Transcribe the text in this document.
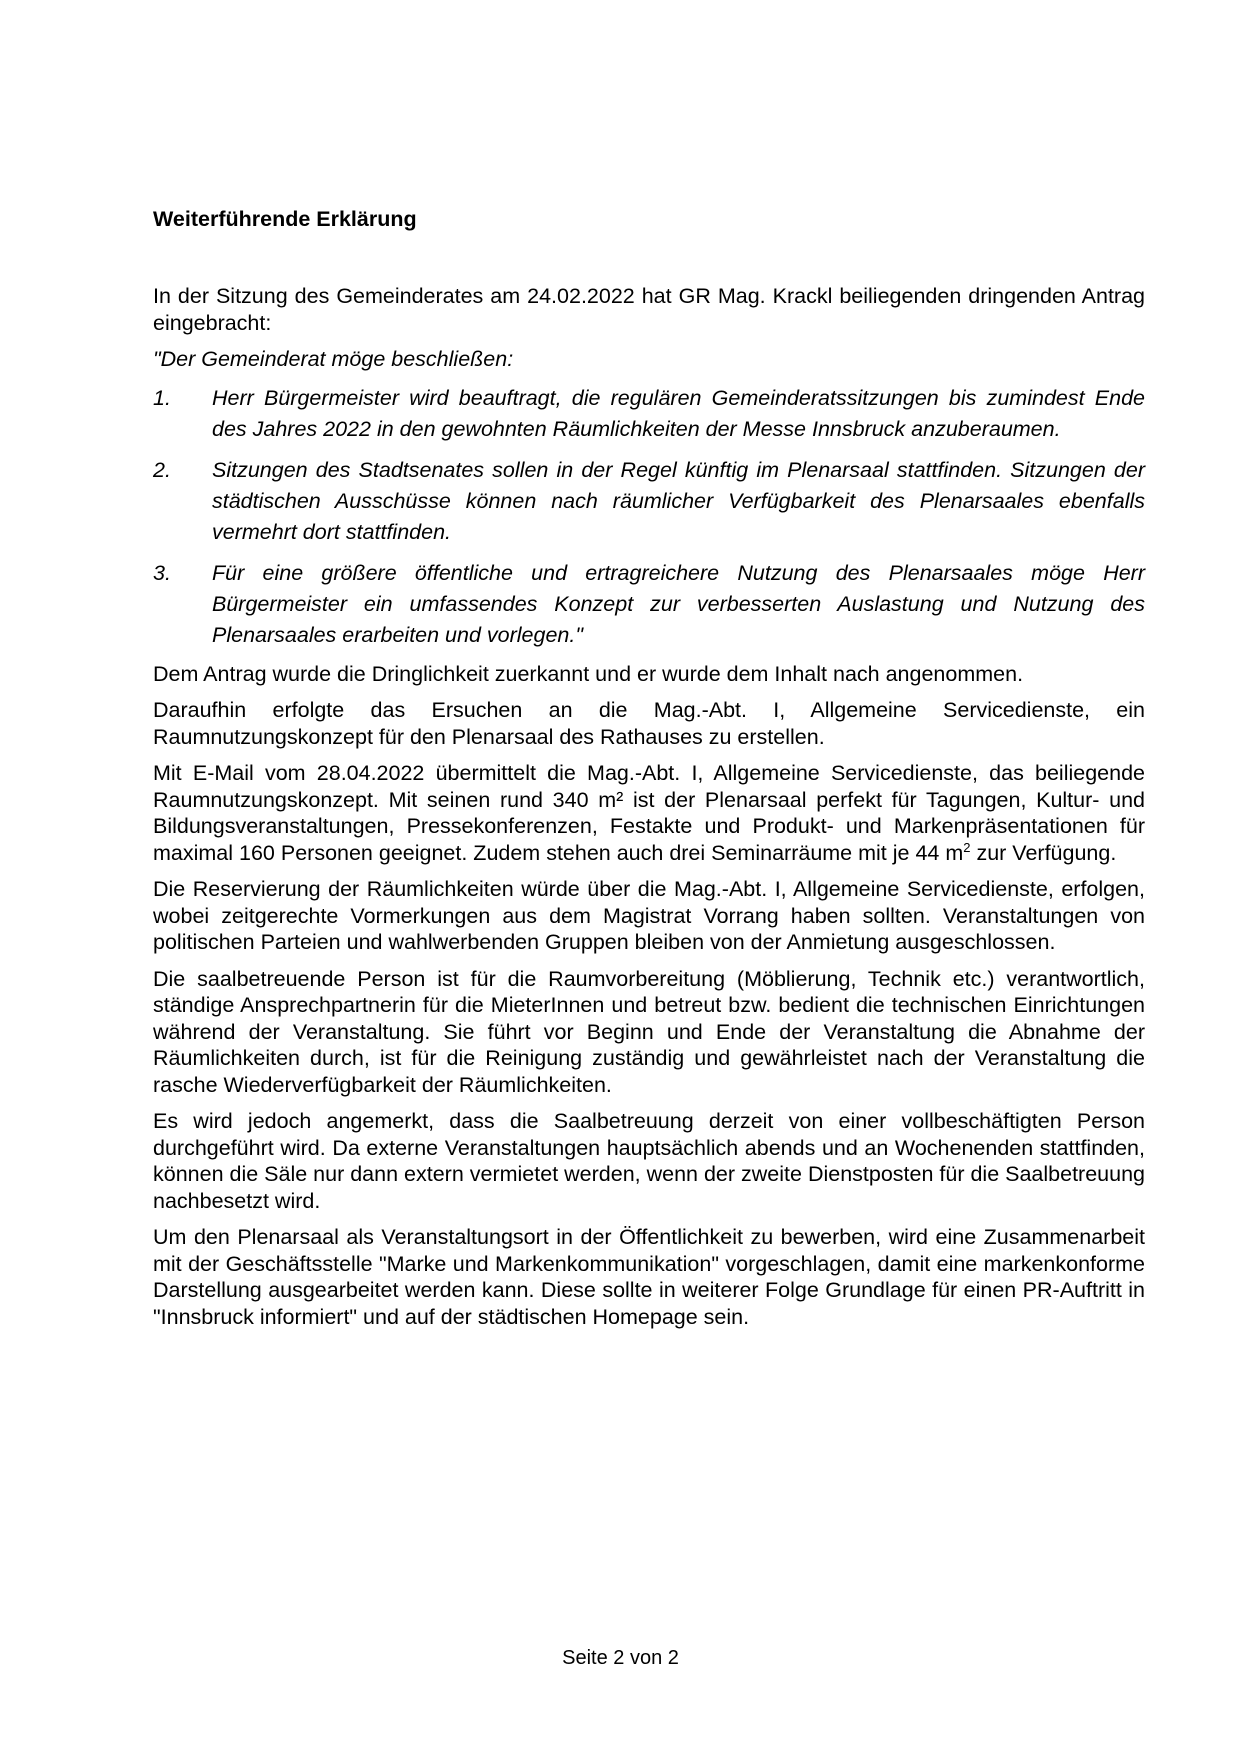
Weiterführende Erklärung

In der Sitzung des Gemeinderates am 24.02.2022 hat GR Mag. Krackl beiliegenden dringenden Antrag eingebracht:

"Der Gemeinderat möge beschließen:

1.	Herr Bürgermeister wird beauftragt, die regulären Gemeinderatssitzungen bis zumindest Ende des Jahres 2022 in den gewohnten Räumlichkeiten der Messe Innsbruck anzuberaumen.
2.	Sitzungen des Stadtsenates sollen in der Regel künftig im Plenarsaal stattfinden. Sitzungen der städtischen Ausschüsse können nach räumlicher Verfügbarkeit des Plenarsaales ebenfalls vermehrt dort stattfinden.
3.	Für eine größere öffentliche und ertragreichere Nutzung des Plenarsaales möge Herr Bürgermeister ein umfassendes Konzept zur verbesserten Auslastung und Nutzung des Plenarsaales erarbeiten und vorlegen."

Dem Antrag wurde die Dringlichkeit zuerkannt und er wurde dem Inhalt nach angenommen.

Daraufhin erfolgte das Ersuchen an die Mag.-Abt. I, Allgemeine Servicedienste, ein Raumnutzungskonzept für den Plenarsaal des Rathauses zu erstellen.

Mit E-Mail vom 28.04.2022 übermittelt die Mag.-Abt. I, Allgemeine Servicedienste, das beiliegende Raumnutzungskonzept. Mit seinen rund 340 m² ist der Plenarsaal perfekt für Tagungen, Kultur- und Bildungsveranstaltungen, Pressekonferenzen, Festakte und Produkt- und Markenpräsentationen für maximal 160 Personen geeignet. Zudem stehen auch drei Seminarräume mit je 44 $m^2$ zur Verfügung.

Die Reservierung der Räumlichkeiten würde über die Mag.-Abt. I, Allgemeine Servicedienste, erfolgen, wobei zeitgerechte Vormerkungen aus dem Magistrat Vorrang haben sollten. Veranstaltungen von politischen Parteien und wahlwerbenden Gruppen bleiben von der Anmietung ausgeschlossen.

Die saalbetreuende Person ist für die Raumvorbereitung (Möblierung, Technik etc.) verantwortlich, ständige Ansprechpartnerin für die MieterInnen und betreut bzw. bedient die technischen Einrichtungen während der Veranstaltung. Sie führt vor Beginn und Ende der Veranstaltung die Abnahme der Räumlichkeiten durch, ist für die Reinigung zuständig und gewährleistet nach der Veranstaltung die rasche Wiederverfügbarkeit der Räumlichkeiten.

Es wird jedoch angemerkt, dass die Saalbetreuung derzeit von einer vollbeschäftigten Person durchgeführt wird. Da externe Veranstaltungen hauptsächlich abends und an Wochenenden stattfinden, können die Säle nur dann extern vermietet werden, wenn der zweite Dienstposten für die Saalbetreuung nachbesetzt wird.

Um den Plenarsaal als Veranstaltungsort in der Öffentlichkeit zu bewerben, wird eine Zusammenarbeit mit der Geschäftsstelle "Marke und Markenkommunikation" vorgeschlagen, damit eine markenkonforme Darstellung ausgearbeitet werden kann. Diese sollte in weiterer Folge Grundlage für einen PR-Auftritt in "Innsbruck informiert" und auf der städtischen Homepage sein.

Seite 2 von 2
